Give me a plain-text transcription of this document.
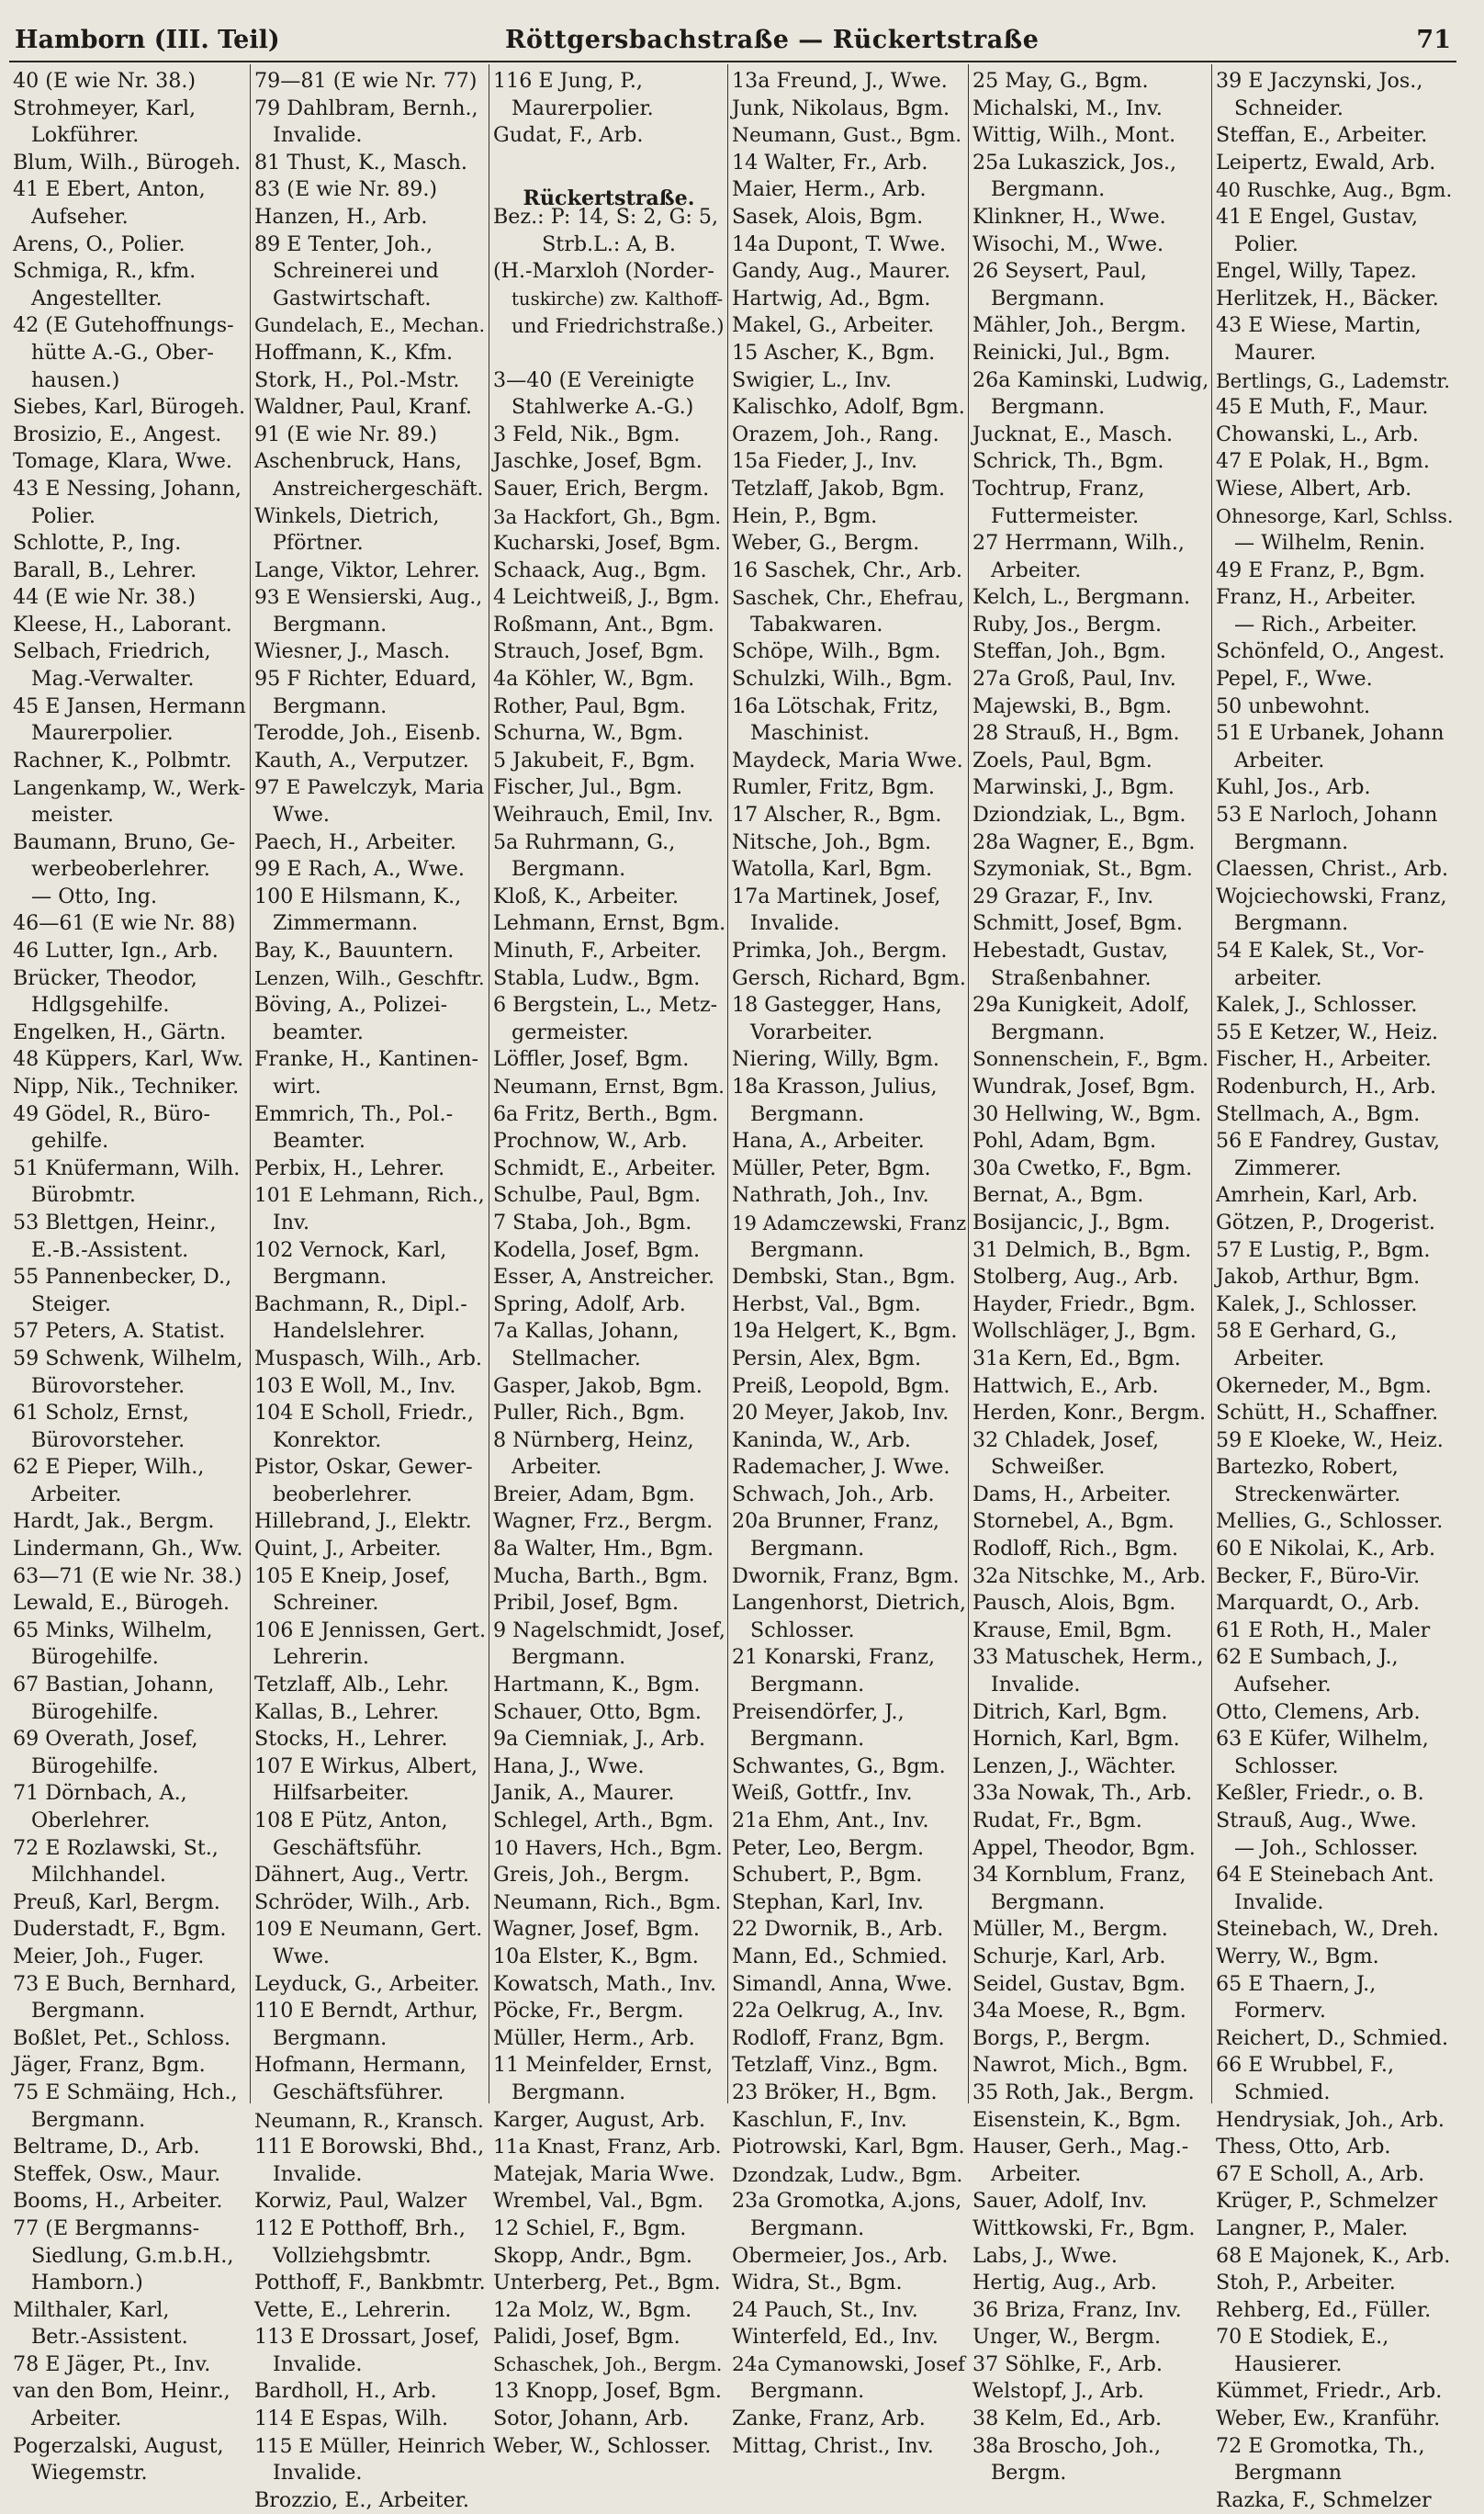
Hamborn (III. Teil)	Röttgersbachstraße — Rückertstraße	71
40 (E wie Nr. 38.)
Strohmeyer, Karl,
Lokführer.
Blum, Wilh., Bürogeh.
41 E Ebert, Anton,
Aufseher.
Arens, O., Polier.
Schmiga, R., kfm.
Angestellter.
42 (E Gutehoffnungs-
hütte A.-G., Ober-
hausen.)
Siebes, Karl, Bürogeh.
Brosizio, E., Angest.
Tomage, Klara, Wwe.
43 E Nessing, Johann,
Polier.
Schlotte, P., Ing.
Barall, B., Lehrer.
44 (E wie Nr. 38.)
Kleese, H., Laborant.
Selbach, Friedrich,
Mag.-Verwalter.
45 E Jansen, Hermann
Maurerpolier.
Rachner, K., Polbmtr.
Langenkamp, W., Werk-
meister.
Baumann, Bruno, Ge-
werbeoberlehrer.
— Otto, Ing.
46—61 (E wie Nr. 88)
46 Lutter, Ign., Arb.
Brücker, Theodor,
Hdlgsgehilfe.
Engelken, H., Gärtn.
48 Küppers, Karl, Ww.
Nipp, Nik., Techniker.
49 Gödel, R., Büro-
gehilfe.
51 Knüfermann, Wilh.
Bürobmtr.
53 Blettgen, Heinr.,
E.-B.-Assistent.
55 Pannenbecker, D.,
Steiger.
57 Peters, A. Statist.
59 Schwenk, Wilhelm,
Bürovorsteher.
61 Scholz, Ernst,
Bürovorsteher.
62 E Pieper, Wilh.,
Arbeiter.
Hardt, Jak., Bergm.
Lindermann, Gh., Ww.
63—71 (E wie Nr. 38.)
Lewald, E., Bürogeh.
65 Minks, Wilhelm,
Bürogehilfe.
67 Bastian, Johann,
Bürogehilfe.
69 Overath, Josef,
Bürogehilfe.
71 Dörnbach, A.,
Oberlehrer.
72 E Rozlawski, St.,
Milchhandel.
Preuß, Karl, Bergm.
Duderstadt, F., Bgm.
Meier, Joh., Fuger.
73 E Buch, Bernhard,
Bergmann.
Boßlet, Pet., Schloss.
Jäger, Franz, Bgm.
75 E Schmäing, Hch.,
Bergmann.
Beltrame, D., Arb.
Steffek, Osw., Maur.
Booms, H., Arbeiter.
77 (E Bergmanns-
Siedlung, G.m.b.H.,
Hamborn.)
Milthaler, Karl,
Betr.-Assistent.
78 E Jäger, Pt., Inv.
van den Bom, Heinr.,
Arbeiter.
Pogerzalski, August,
Wiegemstr.
79—81 (E wie Nr. 77)
79 Dahlbram, Bernh.,
Invalide.
81 Thust, K., Masch.
83 (E wie Nr. 89.)
Hanzen, H., Arb.
89 E Tenter, Joh.,
Schreinerei und
Gastwirtschaft.
Gundelach, E., Mechan.
Hoffmann, K., Kfm.
Stork, H., Pol.-Mstr.
Waldner, Paul, Kranf.
91 (E wie Nr. 89.)
Aschenbruck, Hans,
Anstreichergeschäft.
Winkels, Dietrich,
Pförtner.
Lange, Viktor, Lehrer.
93 E Wensierski, Aug.,
Bergmann.
Wiesner, J., Masch.
95 F Richter, Eduard,
Bergmann.
Terodde, Joh., Eisenb.
Kauth, A., Verputzer.
97 E Pawelczyk, Maria
Wwe.
Paech, H., Arbeiter.
99 E Rach, A., Wwe.
100 E Hilsmann, K.,
Zimmermann.
Bay, K., Bauuntern.
Lenzen, Wilh., Geschftr.
Böving, A., Polizei-
beamter.
Franke, H., Kantinen-
wirt.
Emmrich, Th., Pol.-
Beamter.
Perbix, H., Lehrer.
101 E Lehmann, Rich.,
Inv.
102 Vernock, Karl,
Bergmann.
Bachmann, R., Dipl.-
Handelslehrer.
Muspasch, Wilh., Arb.
103 E Woll, M., Inv.
104 E Scholl, Friedr.,
Konrektor.
Pistor, Oskar, Gewer-
beoberlehrer.
Hillebrand, J., Elektr.
Quint, J., Arbeiter.
105 E Kneip, Josef,
Schreiner.
106 E Jennissen, Gert.
Lehrerin.
Tetzlaff, Alb., Lehr.
Kallas, B., Lehrer.
Stocks, H., Lehrer.
107 E Wirkus, Albert,
Hilfsarbeiter.
108 E Pütz, Anton,
Geschäftsführ.
Dähnert, Aug., Vertr.
Schröder, Wilh., Arb.
109 E Neumann, Gert.
Wwe.
Leyduck, G., Arbeiter.
110 E Berndt, Arthur,
Bergmann.
Hofmann, Hermann,
Geschäftsführer.
Neumann, R., Kransch.
111 E Borowski, Bhd.,
Invalide.
Korwiz, Paul, Walzer
112 E Potthoff, Brh.,
Vollziehgsbmtr.
Potthoff, F., Bankbmtr.
Vette, E., Lehrerin.
113 E Drossart, Josef,
Invalide.
Bardholl, H., Arb.
114 E Espas, Wilh.
115 E Müller, Heinrich
Invalide.
Brozzio, E., Arbeiter.
116 E Jung, P.,
Maurerpolier.
Gudat, F., Arb.
Rückertstraße.
Bez.: P: 14, S: 2, G: 5,
Strb.L.: A, B.
(H.-Marxloh (Norder-
tuskirche) zw. Kalthoff-
und Friedrichstraße.)
3—40 (E Vereinigte
Stahlwerke A.-G.)
3 Feld, Nik., Bgm.
Jaschke, Josef, Bgm.
Sauer, Erich, Bergm.
3a Hackfort, Gh., Bgm.
Kucharski, Josef, Bgm.
Schaack, Aug., Bgm.
4 Leichtweiß, J., Bgm.
Roßmann, Ant., Bgm.
Strauch, Josef, Bgm.
4a Köhler, W., Bgm.
Rother, Paul, Bgm.
Schurna, W., Bgm.
5 Jakubeit, F., Bgm.
Fischer, Jul., Bgm.
Weihrauch, Emil, Inv.
5a Ruhrmann, G.,
Bergmann.
Kloß, K., Arbeiter.
Lehmann, Ernst, Bgm.
Minuth, F., Arbeiter.
Stabla, Ludw., Bgm.
6 Bergstein, L., Metz-
germeister.
Löffler, Josef, Bgm.
Neumann, Ernst, Bgm.
6a Fritz, Berth., Bgm.
Prochnow, W., Arb.
Schmidt, E., Arbeiter.
Schulbe, Paul, Bgm.
7 Staba, Joh., Bgm.
Kodella, Josef, Bgm.
Esser, A, Anstreicher.
Spring, Adolf, Arb.
7a Kallas, Johann,
Stellmacher.
Gasper, Jakob, Bgm.
Puller, Rich., Bgm.
8 Nürnberg, Heinz,
Arbeiter.
Breier, Adam, Bgm.
Wagner, Frz., Bergm.
8a Walter, Hm., Bgm.
Mucha, Barth., Bgm.
Pribil, Josef, Bgm.
9 Nagelschmidt, Josef,
Bergmann.
Hartmann, K., Bgm.
Schauer, Otto, Bgm.
9a Ciemniak, J., Arb.
Hana, J., Wwe.
Janik, A., Maurer.
Schlegel, Arth., Bgm.
10 Havers, Hch., Bgm.
Greis, Joh., Bergm.
Neumann, Rich., Bgm.
Wagner, Josef, Bgm.
10a Elster, K., Bgm.
Kowatsch, Math., Inv.
Pöcke, Fr., Bergm.
Müller, Herm., Arb.
11 Meinfelder, Ernst,
Bergmann.
Karger, August, Arb.
11a Knast, Franz, Arb.
Matejak, Maria Wwe.
Wrembel, Val., Bgm.
12 Schiel, F., Bgm.
Skopp, Andr., Bgm.
Unterberg, Pet., Bgm.
12a Molz, W., Bgm.
Palidi, Josef, Bgm.
Schaschek, Joh., Bergm.
13 Knopp, Josef, Bgm.
Sotor, Johann, Arb.
Weber, W., Schlosser.
13a Freund, J., Wwe.
Junk, Nikolaus, Bgm.
Neumann, Gust., Bgm.
14 Walter, Fr., Arb.
Maier, Herm., Arb.
Sasek, Alois, Bgm.
14a Dupont, T. Wwe.
Gandy, Aug., Maurer.
Hartwig, Ad., Bgm.
Makel, G., Arbeiter.
15 Ascher, K., Bgm.
Swigier, L., Inv.
Kalischko, Adolf, Bgm.
Orazem, Joh., Rang.
15a Fieder, J., Inv.
Tetzlaff, Jakob, Bgm.
Hein, P., Bgm.
Weber, G., Bergm.
16 Saschek, Chr., Arb.
Saschek, Chr., Ehefrau,
Tabakwaren.
Schöpe, Wilh., Bgm.
Schulzki, Wilh., Bgm.
16a Lötschak, Fritz,
Maschinist.
Maydeck, Maria Wwe.
Rumler, Fritz, Bgm.
17 Alscher, R., Bgm.
Nitsche, Joh., Bgm.
Watolla, Karl, Bgm.
17a Martinek, Josef,
Invalide.
Primka, Joh., Bergm.
Gersch, Richard, Bgm.
18 Gastegger, Hans,
Vorarbeiter.
Niering, Willy, Bgm.
18a Krasson, Julius,
Bergmann.
Hana, A., Arbeiter.
Müller, Peter, Bgm.
Nathrath, Joh., Inv.
19 Adamczewski, Franz
Bergmann.
Dembski, Stan., Bgm.
Herbst, Val., Bgm.
19a Helgert, K., Bgm.
Persin, Alex, Bgm.
Preiß, Leopold, Bgm.
20 Meyer, Jakob, Inv.
Kaninda, W., Arb.
Rademacher, J. Wwe.
Schwach, Joh., Arb.
20a Brunner, Franz,
Bergmann.
Dwornik, Franz, Bgm.
Langenhorst, Dietrich,
Schlosser.
21 Konarski, Franz,
Bergmann.
Preisendörfer, J.,
Bergmann.
Schwantes, G., Bgm.
Weiß, Gottfr., Inv.
21a Ehm, Ant., Inv.
Peter, Leo, Bergm.
Schubert, P., Bgm.
Stephan, Karl, Inv.
22 Dwornik, B., Arb.
Mann, Ed., Schmied.
Simandl, Anna, Wwe.
22a Oelkrug, A., Inv.
Rodloff, Franz, Bgm.
Tetzlaff, Vinz., Bgm.
23 Bröker, H., Bgm.
Kaschlun, F., Inv.
Piotrowski, Karl, Bgm.
Dzondzak, Ludw., Bgm.
23a Gromotka, A.jons,
Bergmann.
Obermeier, Jos., Arb.
Widra, St., Bgm.
24 Pauch, St., Inv.
Winterfeld, Ed., Inv.
24a Cymanowski, Josef
Bergmann.
Zanke, Franz, Arb.
Mittag, Christ., Inv.
25 May, G., Bgm.
Michalski, M., Inv.
Wittig, Wilh., Mont.
25a Lukaszick, Jos.,
Bergmann.
Klinkner, H., Wwe.
Wisochi, M., Wwe.
26 Seysert, Paul,
Bergmann.
Mähler, Joh., Bergm.
Reinicki, Jul., Bgm.
26a Kaminski, Ludwig,
Bergmann.
Jucknat, E., Masch.
Schrick, Th., Bgm.
Tochtrup, Franz,
Futtermeister.
27 Herrmann, Wilh.,
Arbeiter.
Kelch, L., Bergmann.
Ruby, Jos., Bergm.
Steffan, Joh., Bgm.
27a Groß, Paul, Inv.
Majewski, B., Bgm.
28 Strauß, H., Bgm.
Zoels, Paul, Bgm.
Marwinski, J., Bgm.
Dziondziak, L., Bgm.
28a Wagner, E., Bgm.
Szymoniak, St., Bgm.
29 Grazar, F., Inv.
Schmitt, Josef, Bgm.
Hebestadt, Gustav,
Straßenbahner.
29a Kunigkeit, Adolf,
Bergmann.
Sonnenschein, F., Bgm.
Wundrak, Josef, Bgm.
30 Hellwing, W., Bgm.
Pohl, Adam, Bgm.
30a Cwetko, F., Bgm.
Bernat, A., Bgm.
Bosijancic, J., Bgm.
31 Delmich, B., Bgm.
Stolberg, Aug., Arb.
Hayder, Friedr., Bgm.
Wollschläger, J., Bgm.
31a Kern, Ed., Bgm.
Hattwich, E., Arb.
Herden, Konr., Bergm.
32 Chladek, Josef,
Schweißer.
Dams, H., Arbeiter.
Stornebel, A., Bgm.
Rodloff, Rich., Bgm.
32a Nitschke, M., Arb.
Pausch, Alois, Bgm.
Krause, Emil, Bgm.
33 Matuschek, Herm.,
Invalide.
Ditrich, Karl, Bgm.
Hornich, Karl, Bgm.
Lenzen, J., Wächter.
33a Nowak, Th., Arb.
Rudat, Fr., Bgm.
Appel, Theodor, Bgm.
34 Kornblum, Franz,
Bergmann.
Müller, M., Bergm.
Schurje, Karl, Arb.
Seidel, Gustav, Bgm.
34a Moese, R., Bgm.
Borgs, P., Bergm.
Nawrot, Mich., Bgm.
35 Roth, Jak., Bergm.
Eisenstein, K., Bgm.
Hauser, Gerh., Mag.-
Arbeiter.
Sauer, Adolf, Inv.
Wittkowski, Fr., Bgm.
Labs, J., Wwe.
Hertig, Aug., Arb.
36 Briza, Franz, Inv.
Unger, W., Bergm.
37 Söhlke, F., Arb.
Welstopf, J., Arb.
38 Kelm, Ed., Arb.
38a Broscho, Joh.,
Bergm.
39 E Jaczynski, Jos.,
Schneider.
Steffan, E., Arbeiter.
Leipertz, Ewald, Arb.
40 Ruschke, Aug., Bgm.
41 E Engel, Gustav,
Polier.
Engel, Willy, Tapez.
Herlitzek, H., Bäcker.
43 E Wiese, Martin,
Maurer.
Bertlings, G., Lademstr.
45 E Muth, F., Maur.
Chowanski, L., Arb.
47 E Polak, H., Bgm.
Wiese, Albert, Arb.
Ohnesorge, Karl, Schlss.
— Wilhelm, Renin.
49 E Franz, P., Bgm.
Franz, H., Arbeiter.
— Rich., Arbeiter.
Schönfeld, O., Angest.
Pepel, F., Wwe.
50 unbewohnt.
51 E Urbanek, Johann
Arbeiter.
Kuhl, Jos., Arb.
53 E Narloch, Johann
Bergmann.
Claessen, Christ., Arb.
Wojciechowski, Franz,
Bergmann.
54 E Kalek, St., Vor-
arbeiter.
Kalek, J., Schlosser.
55 E Ketzer, W., Heiz.
Fischer, H., Arbeiter.
Rodenburch, H., Arb.
Stellmach, A., Bgm.
56 E Fandrey, Gustav,
Zimmerer.
Amrhein, Karl, Arb.
Götzen, P., Drogerist.
57 E Lustig, P., Bgm.
Jakob, Arthur, Bgm.
Kalek, J., Schlosser.
58 E Gerhard, G.,
Arbeiter.
Okerneder, M., Bgm.
Schütt, H., Schaffner.
59 E Kloeke, W., Heiz.
Bartezko, Robert,
Streckenwärter.
Mellies, G., Schlosser.
60 E Nikolai, K., Arb.
Becker, F., Büro-Vir.
Marquardt, O., Arb.
61 E Roth, H., Maler
62 E Sumbach, J.,
Aufseher.
Otto, Clemens, Arb.
63 E Küfer, Wilhelm,
Schlosser.
Keßler, Friedr., o. B.
Strauß, Aug., Wwe.
— Joh., Schlosser.
64 E Steinebach Ant.
Invalide.
Steinebach, W., Dreh.
Werry, W., Bgm.
65 E Thaern, J.,
Formerv.
Reichert, D., Schmied.
66 E Wrubbel, F.,
Schmied.
Hendrysiak, Joh., Arb.
Thess, Otto, Arb.
67 E Scholl, A., Arb.
Krüger, P., Schmelzer
Langner, P., Maler.
68 E Majonek, K., Arb.
Stoh, P., Arbeiter.
Rehberg, Ed., Füller.
70 E Stodiek, E.,
Hausierer.
Kümmet, Friedr., Arb.
Weber, Ew., Kranführ.
72 E Gromotka, Th.,
Bergmann
Razka, F., Schmelzer
